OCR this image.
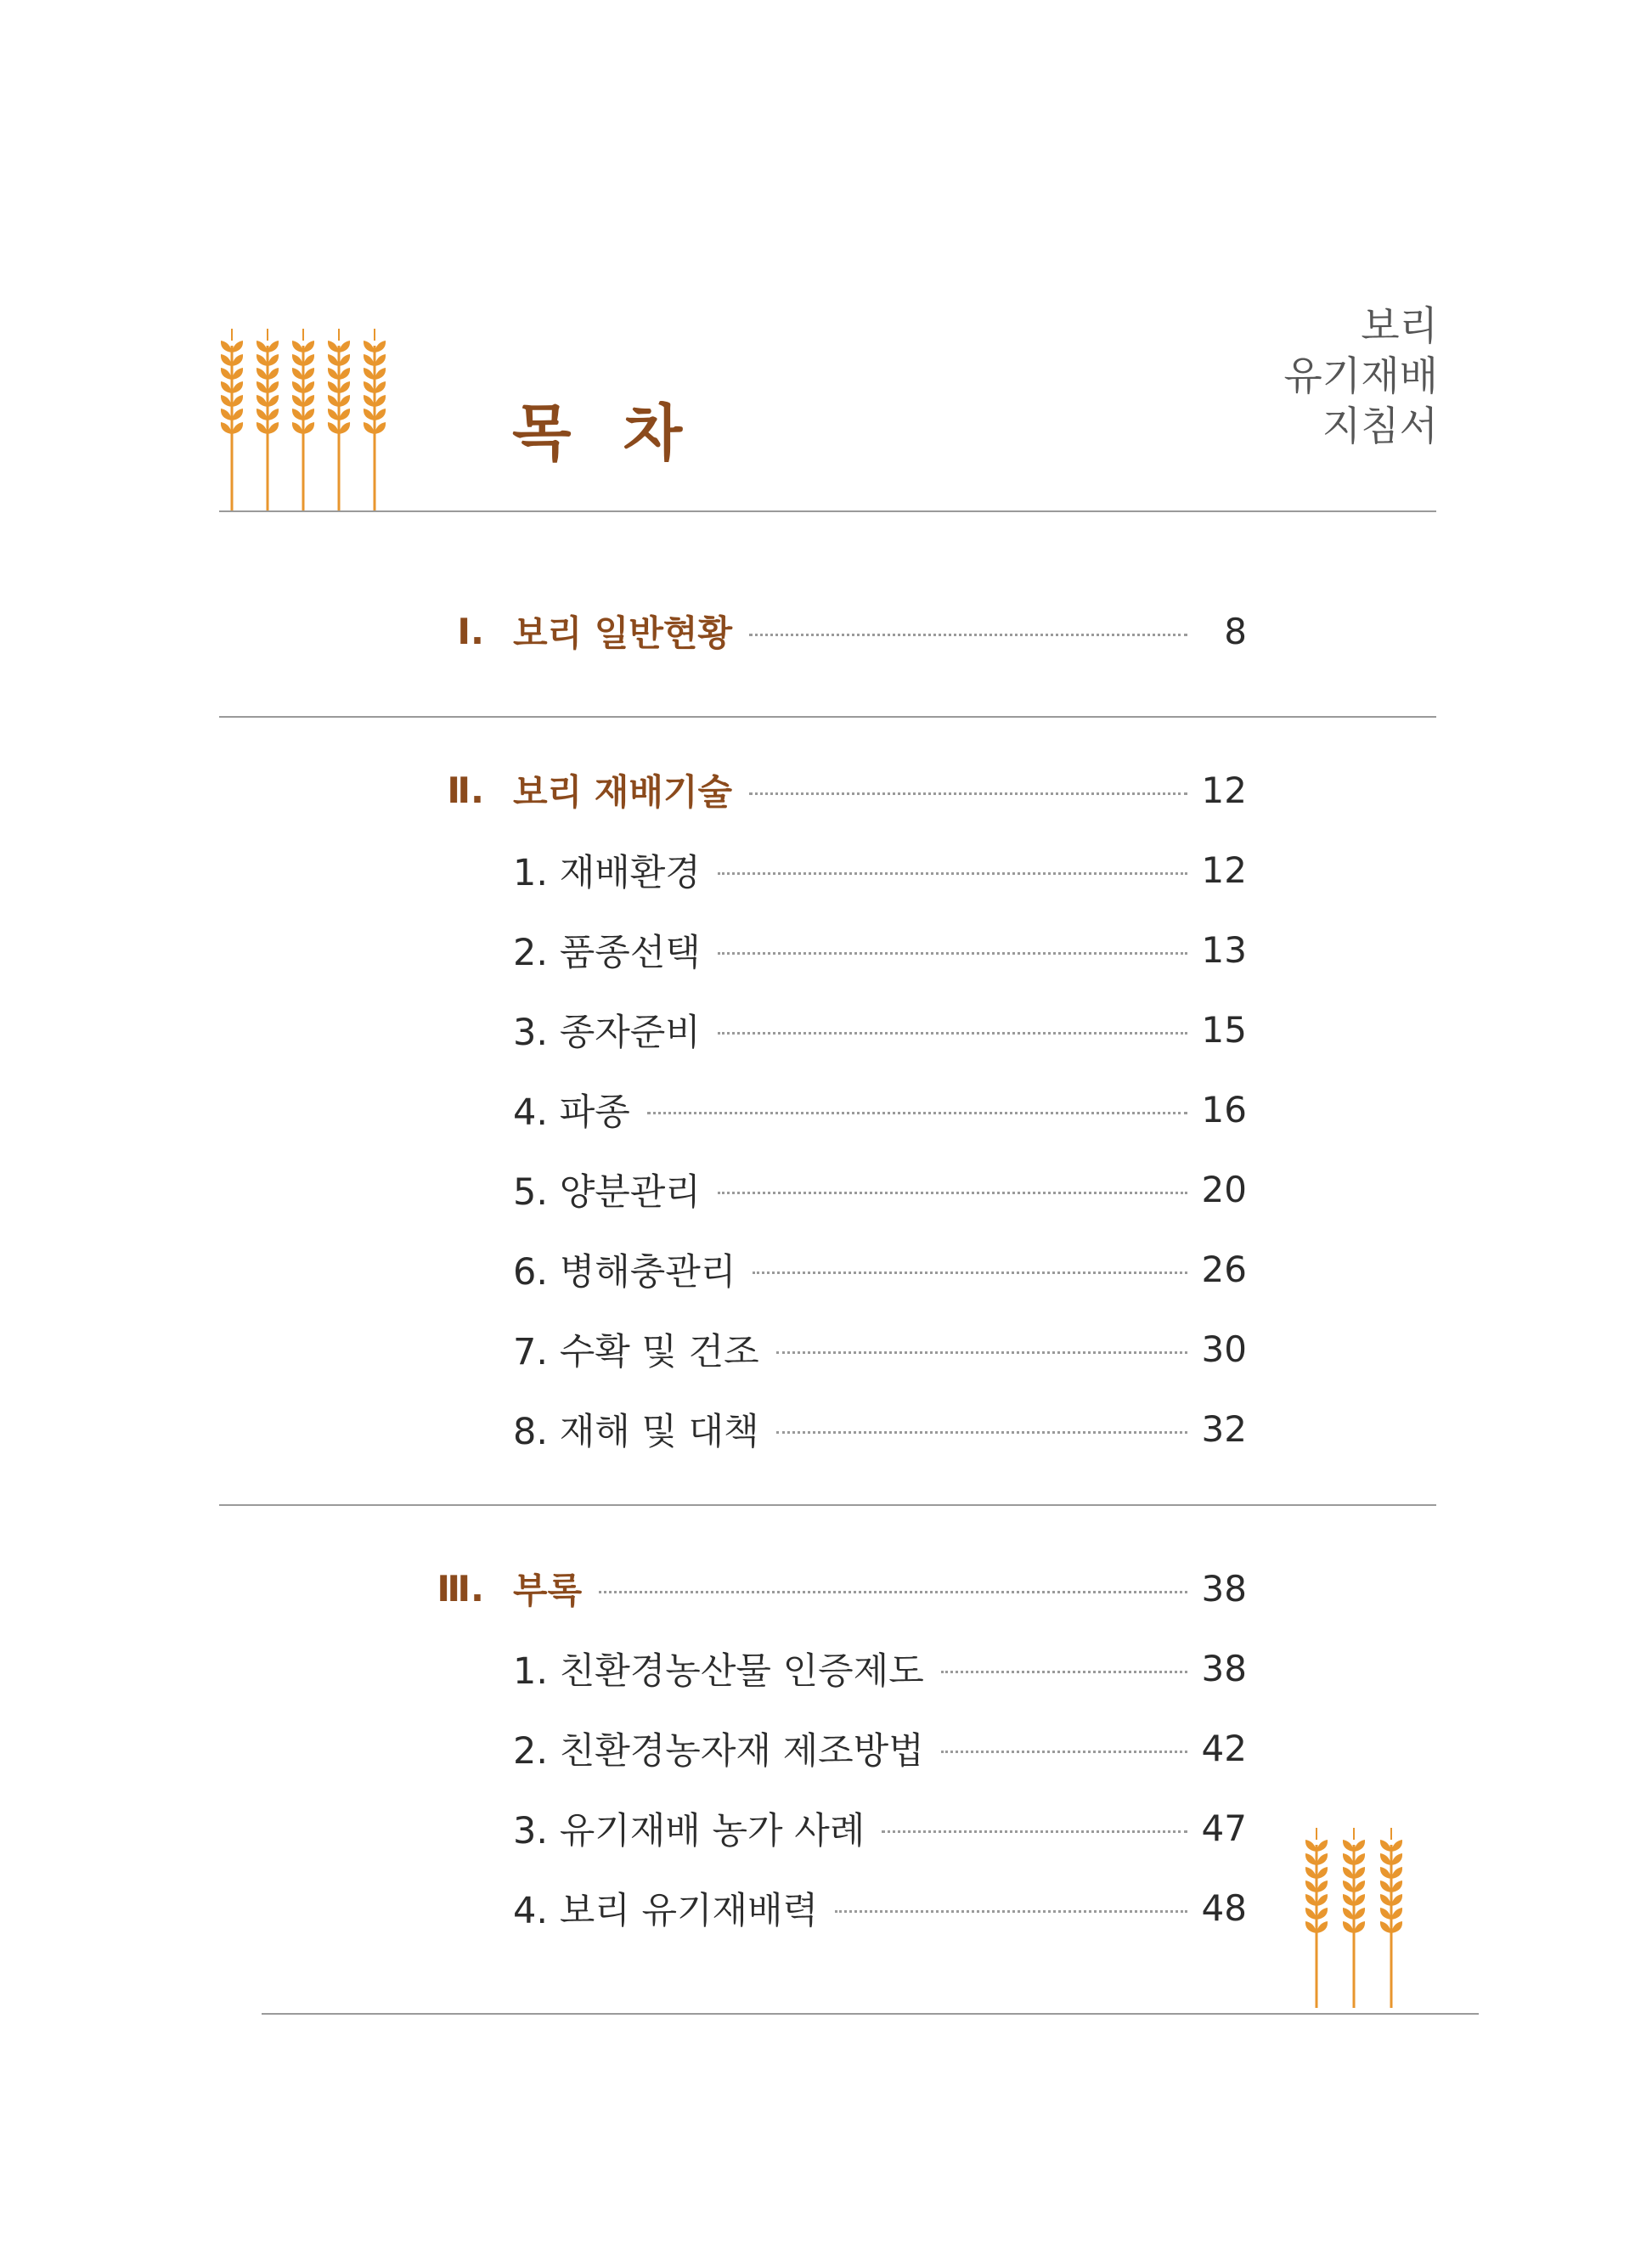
보리
유기재배
지침서
목 차
Ⅰ. 보리 일반현황	8
Ⅱ. 보리 재배기술	12
1. 재배환경	12
2. 품종선택	13
3. 종자준비	15
4. 파종	16
5. 양분관리	20
6. 병해충관리	26
7. 수확 및 건조	30
8. 재해 및 대책	32
Ⅲ. 부록	38
1. 친환경농산물 인증제도	38
2. 친환경농자재 제조방법	42
3. 유기재배 농가 사례	47
4. 보리 유기재배력	48
